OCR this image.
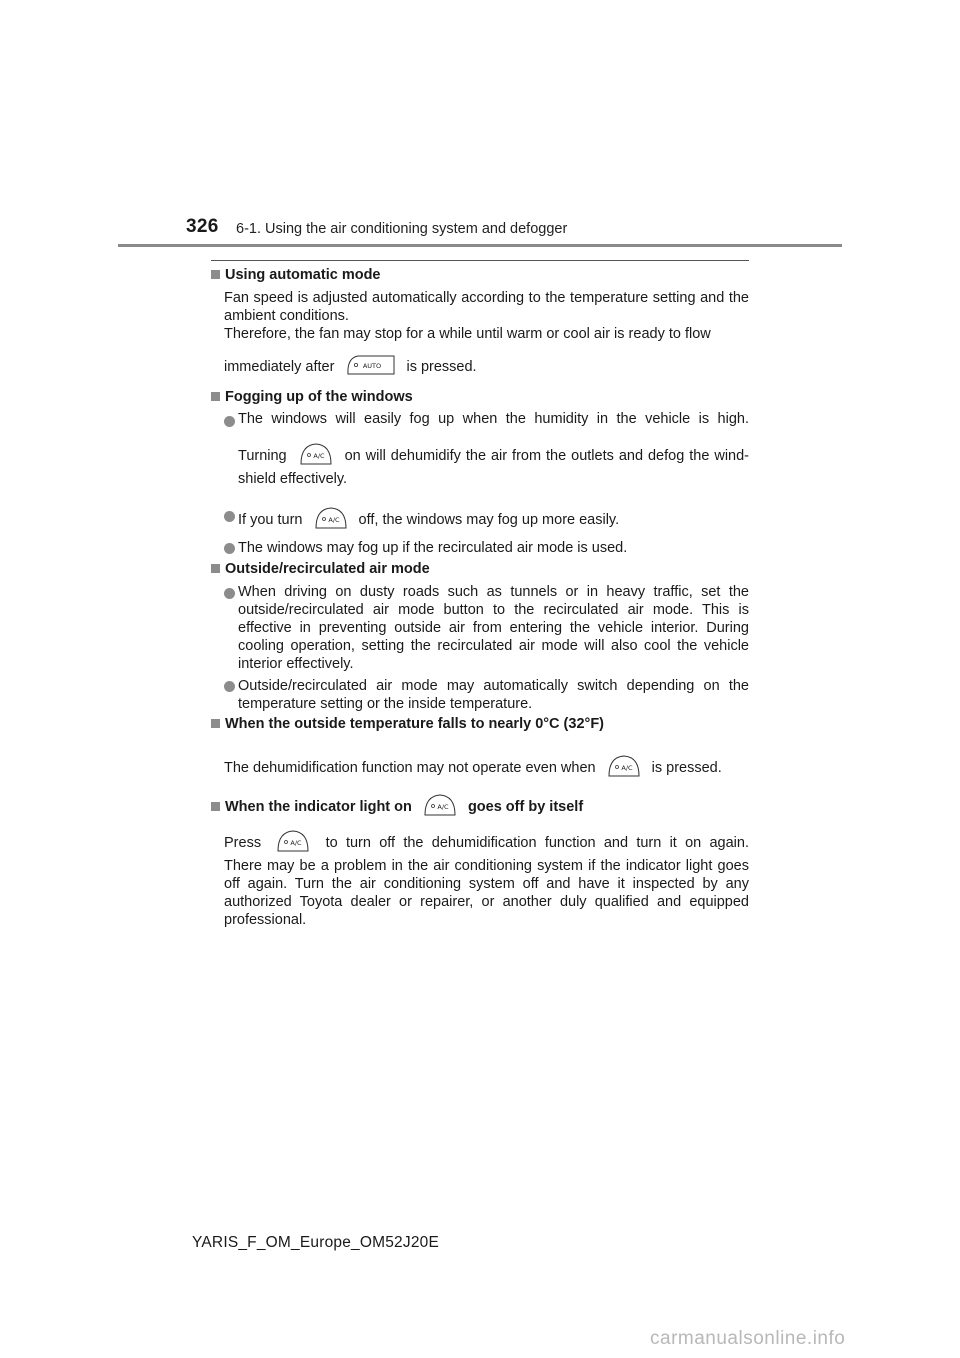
326 6-1. Using the air conditioning system and defogger
Using automatic mode
Fan speed is adjusted automatically according to the temperature setting and the ambient conditions.
Therefore, the fan may stop for a while until warm or cool air is ready to flow
immediately after	AUTO is pressed.
Fogging up of the windows
The windows will easily fog up when the humidity in the vehicle is high.
Turning	A/C on will dehumidify the air from the outlets and defog the wind-
shield effectively.
If you turn	A/C off, the windows may fog up more easily.
The windows may fog up if the recirculated air mode is used.
Outside/recirculated air mode
When driving on dusty roads such as tunnels or in heavy traffic, set the outside/recirculated air mode button to the recirculated air mode. This is effective in preventing outside air from entering the vehicle interior. During cooling operation, setting the recirculated air mode will also cool the vehicle interior effectively.
Outside/recirculated air mode may automatically switch depending on the temperature setting or the inside temperature.
When the outside temperature falls to nearly 0°C (32°F)
The dehumidification function may not operate even when	A/C is pressed.
When the indicator light on	A/C goes off by itself
Press	A/C to turn off the dehumidification function and turn it on again.
There may be a problem in the air conditioning system if the indicator light goes off again. Turn the air conditioning system off and have it inspected by any authorized Toyota dealer or repairer, or another duly qualified and equipped professional.
YARIS_F_OM_Europe_OM52J20E
carmanualsonline.info
